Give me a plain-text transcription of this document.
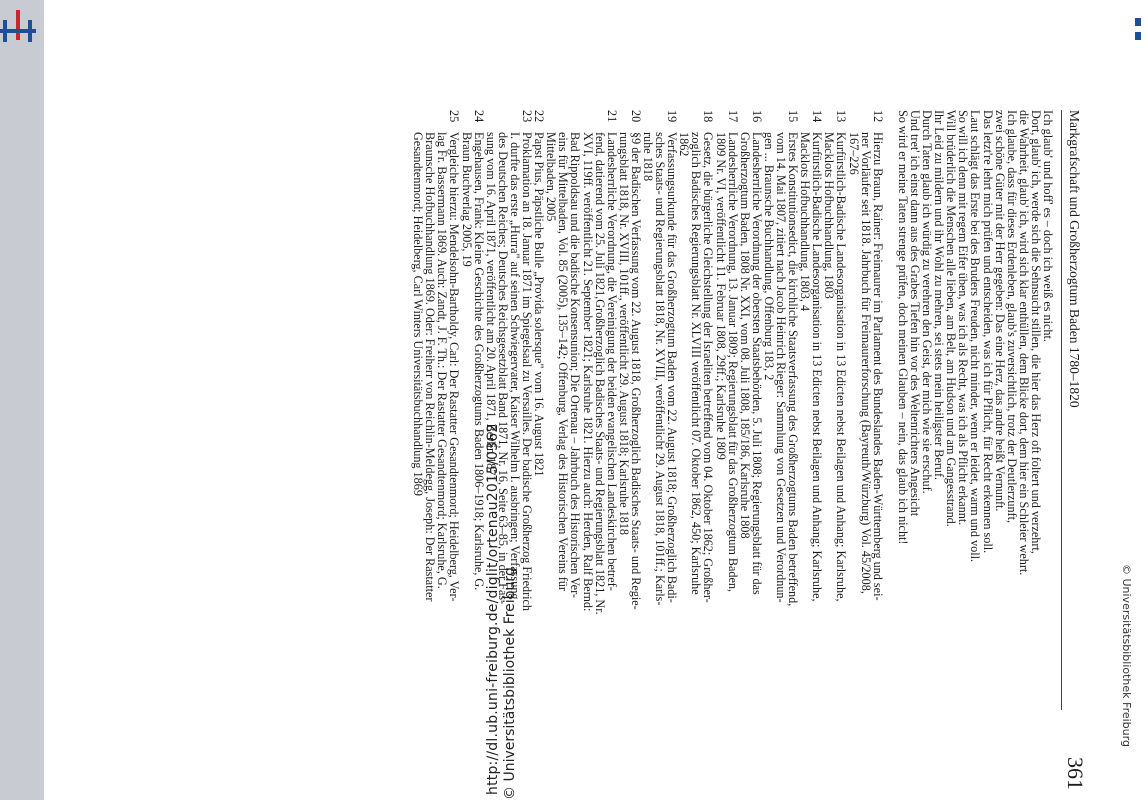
http://dl.ub.uni-freiburg.de/diglit/ortenau2015/0362 © Universitätsbibliothek Freiburg	© Universitätsbibliothek Freiburg
Markgrafschaft und Großherzogtum Baden 1780–1820
361
Ich glaub' und hoff' es – doch ich weiß es nicht.
Dort, glaub' ich, werde sich die Sehnsucht stillen, die hier das Herz oft foltert und verzehrt,
die Wahrheit, glaub' ich, wird sich klar enthüllen, dem Blicke dort, dem hier ein Schleier wehrt.
Ich glaube, dass für dieses Erdenleben, glaub's zuversichtlich, trotz der Deutlerzunft,
zwei schöne Güter mit der Herr gegeben: Das eine Herz, das andre heißt Vernunft.
Das letzt're lehrt mich prüfen und entscheiden, was ich für Pflicht, für Recht erkennen soll.
Laut schlägt das Erste bei des Bruders Freuden, nicht minder, wenn er leidet, warm und voll.
So will ich denn mit regem Eifer üben, was ich als Recht, was ich als Pflicht erkannt.
Will brüderlich die Menschen alle lieben, am Belt, am Hudson und am Gangesstrand.
Ihr Leid zu mildern und ihr Wohl zu mehren, sei stets mein heiligster Beruf.
Durch Taten glaub ich würdig zu verehren den Geist, der mich wie sie erschuf.
Und tret' ich einst dann aus des Grabes Tiefen hin vor des Weltenrichters Angesicht
So wird er meine Taten strenge prüfen, doch meinen Glauben – nein, das glaub ich nicht!
12
Hierzu Braun, Rainer: Freimaurer im Parlament des Bundeslandes Baden-Württemberg und sei-
ner Vorläufer seit 1818. Jahrbuch für Freimaurerforschung (Bayreuth/Würzburg) Vol. 45/2008,
167–226
13
Kurfürstlich-Badische Landesorganisation in 13 Edicten nebst Beilagen und Anhang; Karlsruhe,
Macklots Hofbuchhandlung, 1803
14
Kurfürstlich-Badische Landesorganisation in 13 Edicten nebst Beilagen und Anhang; Karlsruhe,
Macklots Hofbuchhandlung, 1803, 4
15
Erstes Konstitutionsedict, die kirchliche Staatsverfassung des Großherzogtums Baden betreffend,
vom 14. Mai 1807, zitiert nach Jacob Heinrich Rieger: Sammlung von Gesetzen und Verordnun-
gen ... Braunsche Buchhandlung, Offenburg 183, 2
16
Landesherrliche Verordnung der obersten Staatsbehörden, 5. Juli 1808; Regierungsblatt für das
Großherzogtum Baden, 1808 Nr. XXI, vom 08. Juli 1808, 185/186, Karlsruhe 1808
17
Landesherrliche Verordnung, 13. Januar 1809; Regierungsblatt für das Großherzogtum Baden,
1809 Nr. VI, veröffentlicht 11. Februar 1808, 29ff.; Karlsruhe 1809
18
Gesetz, die bürgerliche Gleichstellung der Israeliten betreffend vom 04. Oktober 1862; Großher-
zoglich Badisches Regierungsblatt Nr. XLVIII veröffentlicht 07. Oktober 1862, 450; Karlsruhe
1862
19
Verfassungsurkunde für das Großherzogtum Baden vom 22. August 1818; Großherzoglich Badi-
sches Staats- und Regierungsblatt 1818, Nr. XVIII, veröffentlicht 29. August 1818, 101ff.; Karls-
ruhe 1818
20
§9 der Badischen Verfassung vom 22. August 1818, Großherzoglich Badisches Staats- und Regie-
rungsblatt 1818, Nr. XVIII, 101ff., veröffentlicht 29. August 1818; Karlsruhe 1818
21
Landesherrliche Verordnung, die Vereinigung der beiden evangelischen Landeskirchen betref-
fend, datierend vom 25. Juli 1821,Großherzoglich Badisches Staats- und Regierungsblatt 1821, Nr.
XVI, 119ff. veröffentlicht 21. September 1821; Karlsruhe 1821. Hierzu auch: Herden, Ralf Bernd:
Bad Rippoldsau und die badische Konsensunion; Die Ortenau – Jahrbuch des Historischen Ver-
eins für Mittelbaden, Vol. 85 (2005), 135–142; Offenburg, Verlag des Historischen Vereins für
Mittelbaden, 2005
22
Papst Pius, Päpstliche Bulle „Provida solersque" vom 16. August 1821
23
Proklamation an 18. Januar 1871 im Spiegelsaal zu Versailles. Der badische Großherzog Friedrich
I. durfte das erste „Hurra" auf seinen Schwiegervater, Kaiser Wilhelm I. ausbringen; Verfassung
des Deutschen Reiches; Deutsches Reichsgesetzblatt Band 1871, Nr. 16, Seite 63–85, in der Fas-
sung vom 16. April 1871, veröffentlicht am 20. April 1871, Berlin 1871
24
Engehausen, Frank: Kleine Geschichte des Großherzogtums Baden 1806–1918; Karlsruhe, G.
Braun Buchverlag 2005, 19
25
Vergleiche hierzu: Mendelsohn-Bartholdy, Carl: Der Rastatter Gesandtenmord; Heidelberg, Ver-
lag Fr. Bassermann 1869. Auch: Zandt, J. F. Th.: Der Rastatter Gesandtenmord; Karlsruhe, G.
Braunsche Hofbuchhandlung 1869. Oder: Freiherr von Reichlin-Meldegg, Joseph: Der Rastatter
Gesandtenmord; Heidelberg, Carl Winters Universitätsbuchhandlung 1869
